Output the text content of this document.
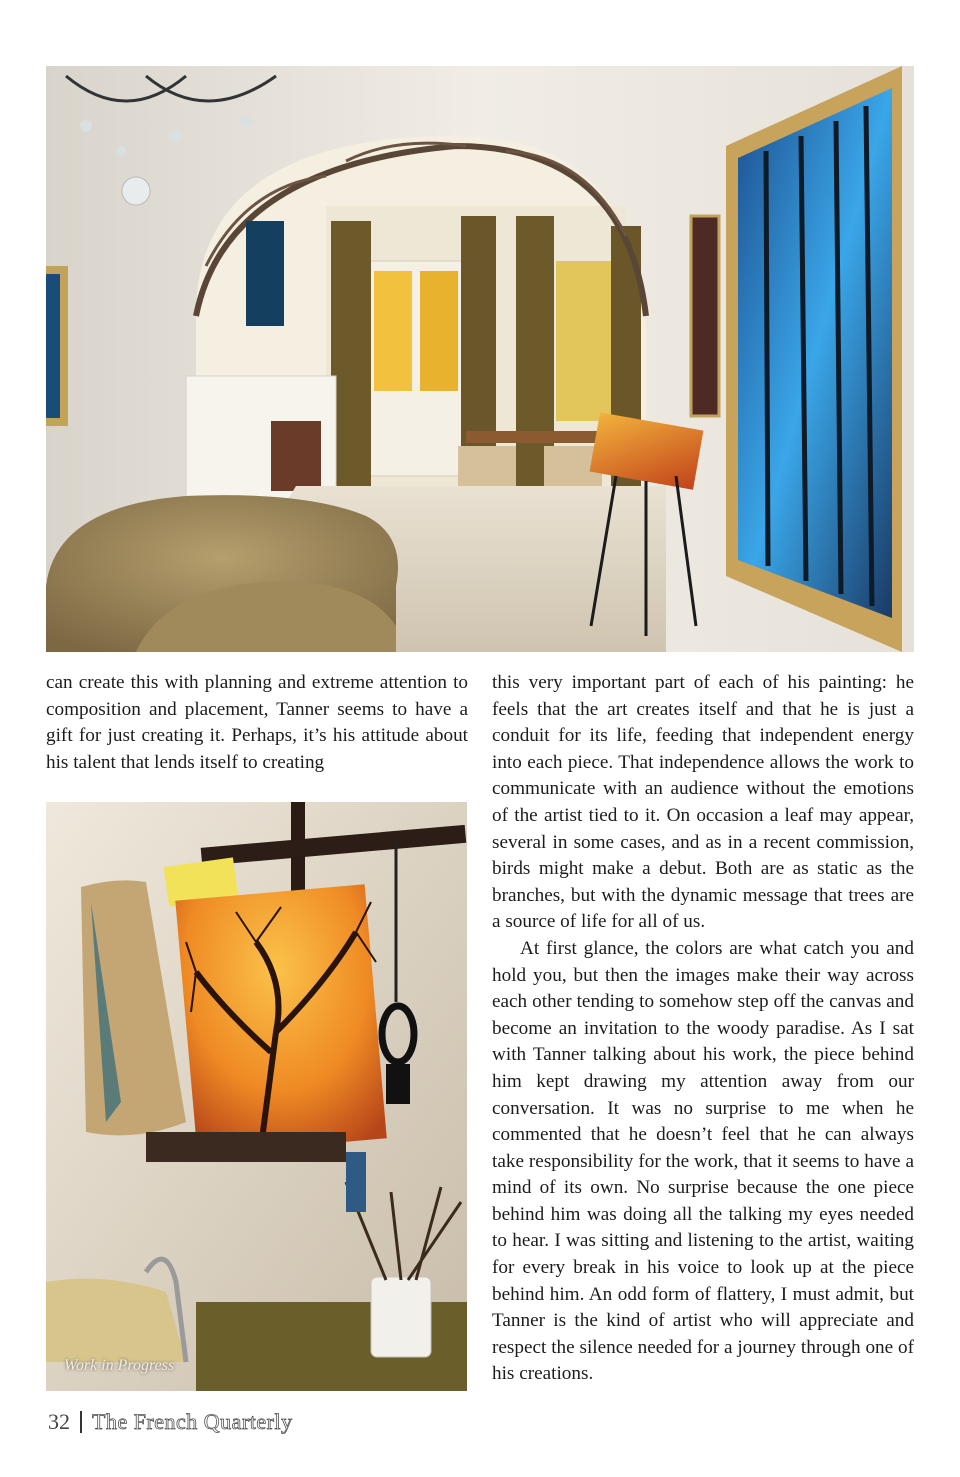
can create this with planning and extreme attention to composition and placement, Tanner seems to have a gift for just creating it. Perhaps, it’s his attitude about his talent that lends itself to creating

Work in Progress

this very important part of each of his painting: he feels that the art creates itself and that he is just a conduit for its life, feeding that independent energy into each piece. That independence allows the work to communicate with an audience without the emotions of the artist tied to it. On occasion a leaf may appear, several in some cases, and as in a recent commission, birds might make a debut. Both are as static as the branches, but with the dynamic message that trees are a source of life for all of us.

At first glance, the colors are what catch you and hold you, but then the images make their way across each other tending to somehow step off the canvas and become an invitation to the woody paradise. As I sat with Tanner talking about his work, the piece behind him kept drawing my attention away from our conversation. It was no surprise to me when he commented that he doesn’t feel that he can always take responsibility for the work, that it seems to have a mind of its own. No surprise because the one piece behind him was doing all the talking my eyes needed to hear. I was sitting and listening to the artist, waiting for every break in his voice to look up at the piece behind him. An odd form of flattery, I must admit, but Tanner is the kind of artist who will appreciate and respect the silence needed for a journey through one of his creations.

32 The French Quarterly
